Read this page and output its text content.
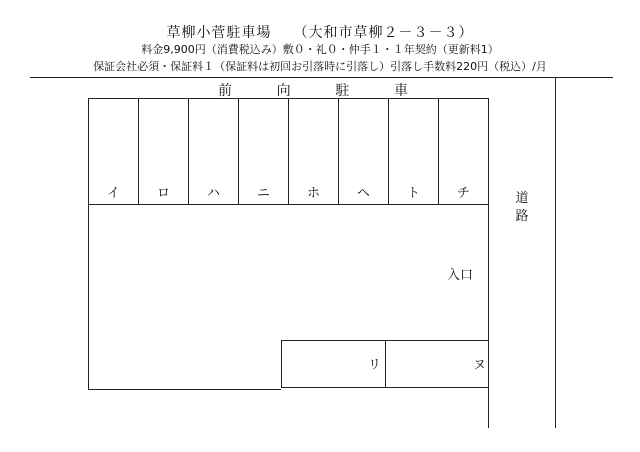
草柳小菅駐車場 （大和市草柳２－３－３）
料金9,900円（消費税込み）敷０・礼０・仲手１・１年契約（更新料1）
保証会社必須・保証料１（保証料は初回お引落時に引落し）引落し手数料220円（税込）/月
前	向	駐	車
イ	ロ	ハ	ニ	ホ	ヘ	ト	チ	道
路
入口
リ	ヌ
